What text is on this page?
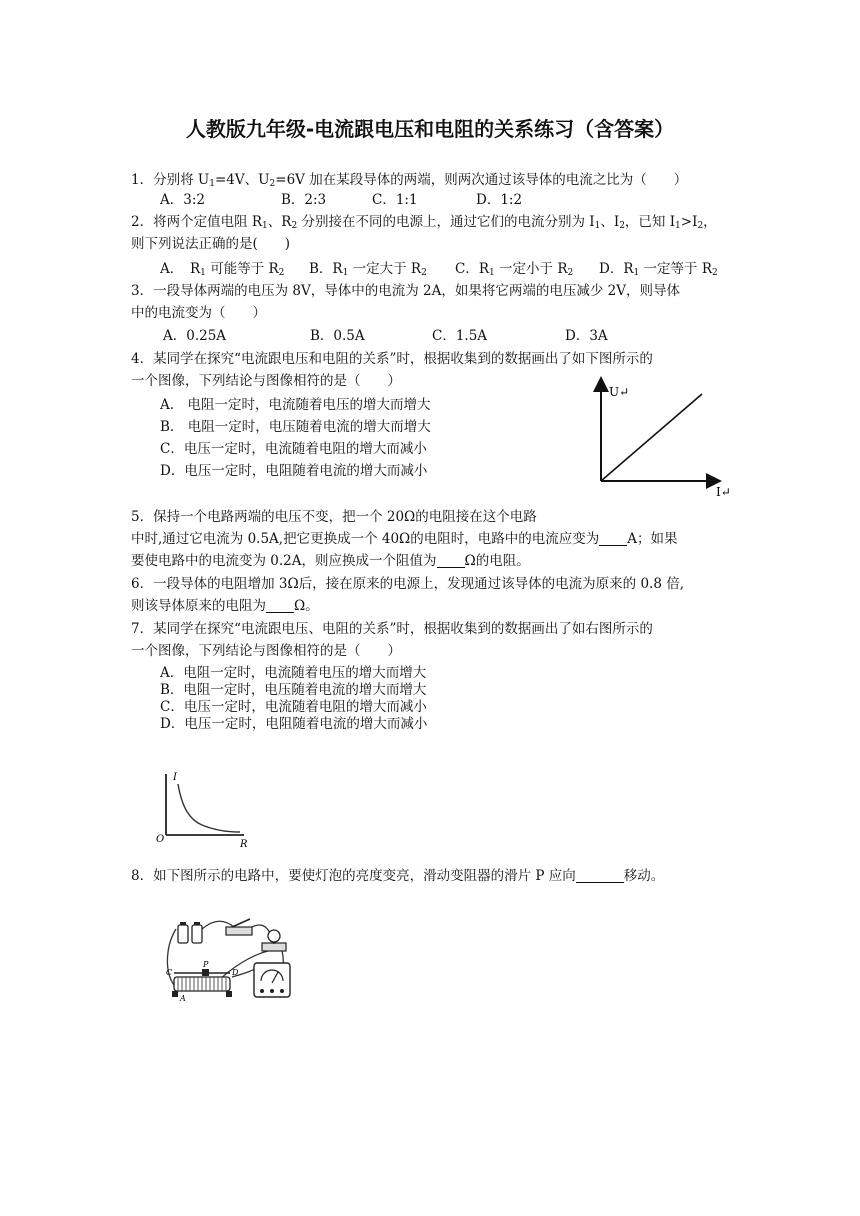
人教版九年级-电流跟电压和电阻的关系练习（含答案）
1．分别将 $U_1=4V$、$U_2=6V$ 加在某段导体的两端，则两次通过该导体的电流之比为（　　）
A．3:2	B．2:3	C．1:1	D．1:2
2．将两个定值电阻 $R_1$、$R_2$ 分别接在不同的电源上，通过它们的电流分别为 $I_1$、$I_2$，已知 $I_1>I_2$，
则下列说法正确的是(　　)
A．　$R_1$ 可能等于 $R_2$ B．$R_1$ 一定大于 $R_2$ C．$R_1$ 一定小于 $R_2$ D．$R_1$ 一定等于 $R_2$
3．一段导体两端的电压为 8V，导体中的电流为 2A，如果将它两端的电压减少 2V，则导体
中的电流变为（　　）
A．0.25A	B．0.5A	C．1.5A	D．3A
4．某同学在探究“电流跟电压和电阻的关系”时，根据收集到的数据画出了如下图所示的
一个图像，下列结论与图像相符的是（　　）
A.　电阻一定时，电流随着电压的增大而增大
B.　电阻一定时，电压随着电流的增大而增大
C．电压一定时，电流随着电阻的增大而减小
D．电压一定时，电阻随着电流的增大而减小
U↵
I↵
5．保持一个电路两端的电压不变，把一个 20Ω的电阻接在这个电路
中时,通过它电流为 0.5A,把它更换成一个 40Ω的电阻时，电路中的电流应变为 A；如果
要使电路中的电流变为 0.2A，则应换成一个阻值为 Ω的电阻。
6．一段导体的电阻增加 3Ω后，接在原来的电源上，发现通过该导体的电流为原来的 0.8 倍,
则该导体原来的电阻为 Ω。
7．某同学在探究“电流跟电压、电阻的关系”时，根据收集到的数据画出了如右图所示的
一个图像，下列结论与图像相符的是（　　）
A．电阻一定时，电流随着电压的增大而增大
B．电阻一定时，电压随着电流的增大而增大
C．电压一定时，电流随着电阻的增大而减小
D．电压一定时，电阻随着电流的增大而减小
I
R
O
8．如下图所示的电路中，要使灯泡的亮度变亮，滑动变阻器的滑片 P 应向	移动。
P
C	D
A
